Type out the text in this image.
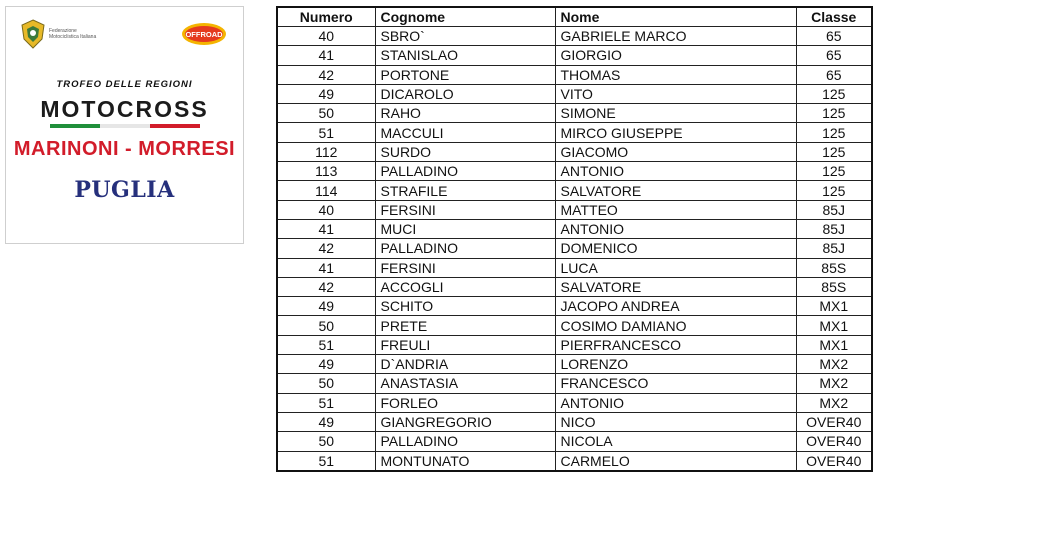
Federazione Motociclistica Italiana	OFFROAD
TROFEO DELLE REGIONI
MOTOCROSS
MARINONI - MORRESI
PUGLIA
Numero	Cognome	Nome	Classe
40	SBRO`	GABRIELE MARCO	65
41	STANISLAO	GIORGIO	65
42	PORTONE	THOMAS	65
49	DICAROLO	VITO	125
50	RAHO	SIMONE	125
51	MACCULI	MIRCO GIUSEPPE	125
112	SURDO	GIACOMO	125
113	PALLADINO	ANTONIO	125
114	STRAFILE	SALVATORE	125
40	FERSINI	MATTEO	85J
41	MUCI	ANTONIO	85J
42	PALLADINO	DOMENICO	85J
41	FERSINI	LUCA	85S
42	ACCOGLI	SALVATORE	85S
49	SCHITO	JACOPO ANDREA	MX1
50	PRETE	COSIMO DAMIANO	MX1
51	FREULI	PIERFRANCESCO	MX1
49	D`ANDRIA	LORENZO	MX2
50	ANASTASIA	FRANCESCO	MX2
51	FORLEO	ANTONIO	MX2
49	GIANGREGORIO	NICO	OVER40
50	PALLADINO	NICOLA	OVER40
51	MONTUNATO	CARMELO	OVER40
